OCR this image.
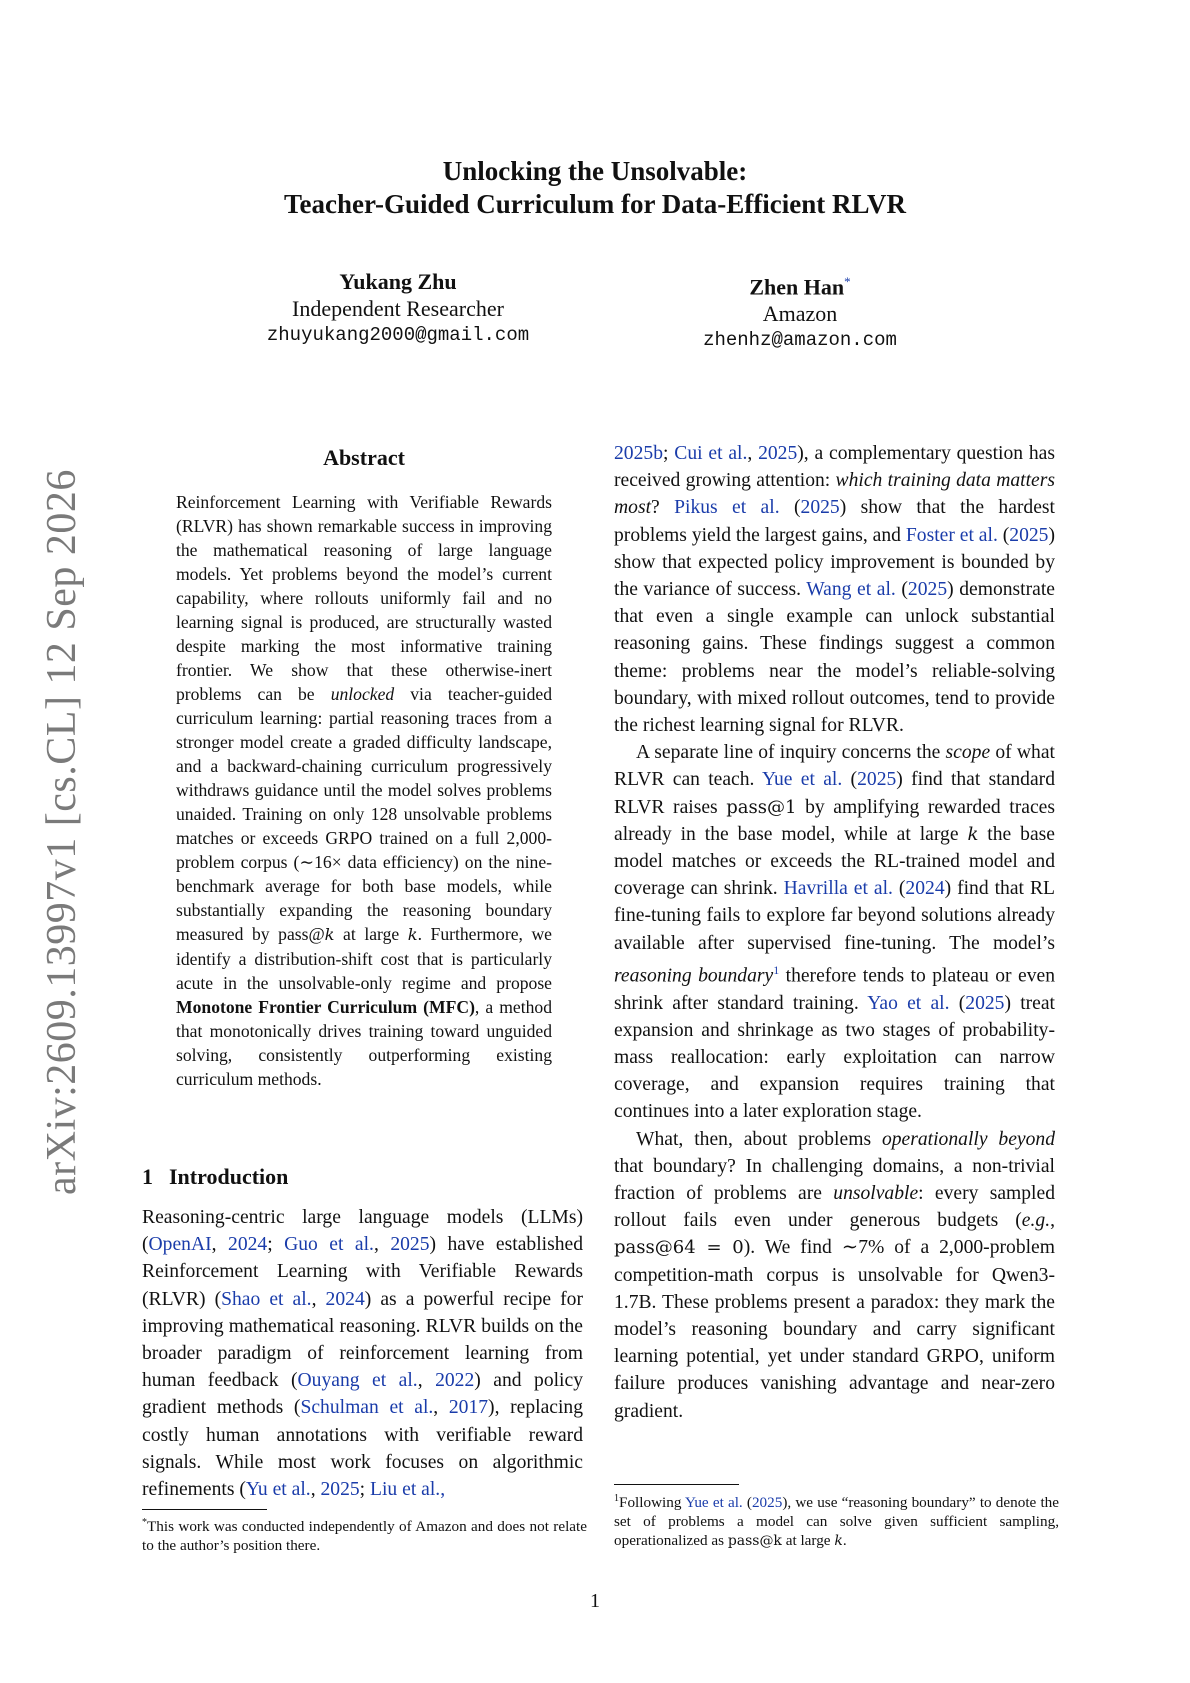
arXiv:2609.13997v1 [cs.CL] 12 Sep 2026
Unlocking the Unsolvable:
Teacher-Guided Curriculum for Data-Efficient RLVR
Yukang Zhu
Independent Researcher
zhuyukang2000@gmail.com
Zhen Han*
Amazon
zhenhz@amazon.com
Abstract
Reinforcement Learning with Verifiable Rewards (RLVR) has shown remarkable success in improving the mathematical reasoning of large language models. Yet problems beyond the model’s current capability, where rollouts uniformly fail and no learning signal is produced, are structurally wasted despite marking the most informative training frontier. We show that these otherwise-inert problems can be unlocked via teacher-guided curriculum learning: partial reasoning traces from a stronger model create a graded difficulty landscape, and a backward-chaining curriculum progressively withdraws guidance until the model solves problems unaided. Training on only 128 unsolvable problems matches or exceeds GRPO trained on a full 2,000-problem corpus (∼16× data efficiency) on the nine-benchmark average for both base models, while substantially expanding the reasoning boundary measured by pass@k at large k. Furthermore, we identify a distribution-shift cost that is particularly acute in the unsolvable-only regime and propose Monotone Frontier Curriculum (MFC), a method that monotonically drives training toward unguided solving, consistently outperforming existing curriculum methods.
1 Introduction

Reasoning-centric large language models (LLMs) (OpenAI, 2024; Guo et al., 2025) have established Reinforcement Learning with Verifiable Rewards (RLVR) (Shao et al., 2024) as a powerful recipe for improving mathematical reasoning. RLVR builds on the broader paradigm of reinforcement learning from human feedback (Ouyang et al., 2022) and policy gradient methods (Schulman et al., 2017), replacing costly human annotations with verifiable reward signals. While most work focuses on algorithmic refinements (Yu et al., 2025; Liu et al.,

2025b; Cui et al., 2025), a complementary question has received growing attention: which training data matters most? Pikus et al. (2025) show that the hardest problems yield the largest gains, and Foster et al. (2025) show that expected policy improvement is bounded by the variance of success. Wang et al. (2025) demonstrate that even a single example can unlock substantial reasoning gains. These findings suggest a common theme: problems near the model’s reliable-solving boundary, with mixed rollout outcomes, tend to provide the richest learning signal for RLVR.

A separate line of inquiry concerns the scope of what RLVR can teach. Yue et al. (2025) find that standard RLVR raises pass@1 by amplifying rewarded traces already in the base model, while at large k the base model matches or exceeds the RL-trained model and coverage can shrink. Havrilla et al. (2024) find that RL fine-tuning fails to explore far beyond solutions already available after supervised fine-tuning. The model’s reasoning boundary$^1$ therefore tends to plateau or even shrink after standard training. Yao et al. (2025) treat expansion and shrinkage as two stages of probability-mass reallocation: early exploitation can narrow coverage, and expansion requires training that continues into a later exploration stage.

What, then, about problems operationally beyond that boundary? In challenging domains, a non-trivial fraction of problems are unsolvable: every sampled rollout fails even under generous budgets (e.g., pass@64 = 0). We find ∼7% of a 2,000-problem competition-math corpus is unsolvable for Qwen3-1.7B. These problems present a paradox: they mark the model’s reasoning boundary and carry significant learning potential, yet under standard GRPO, uniform failure produces vanishing advantage and near-zero gradient.

*This work was conducted independently of Amazon and does not relate to the author’s position there.
$^1$Following Yue et al. (2025), we use “reasoning boundary” to denote the set of problems a model can solve given sufficient sampling, operationalized as pass@k at large k.
1
